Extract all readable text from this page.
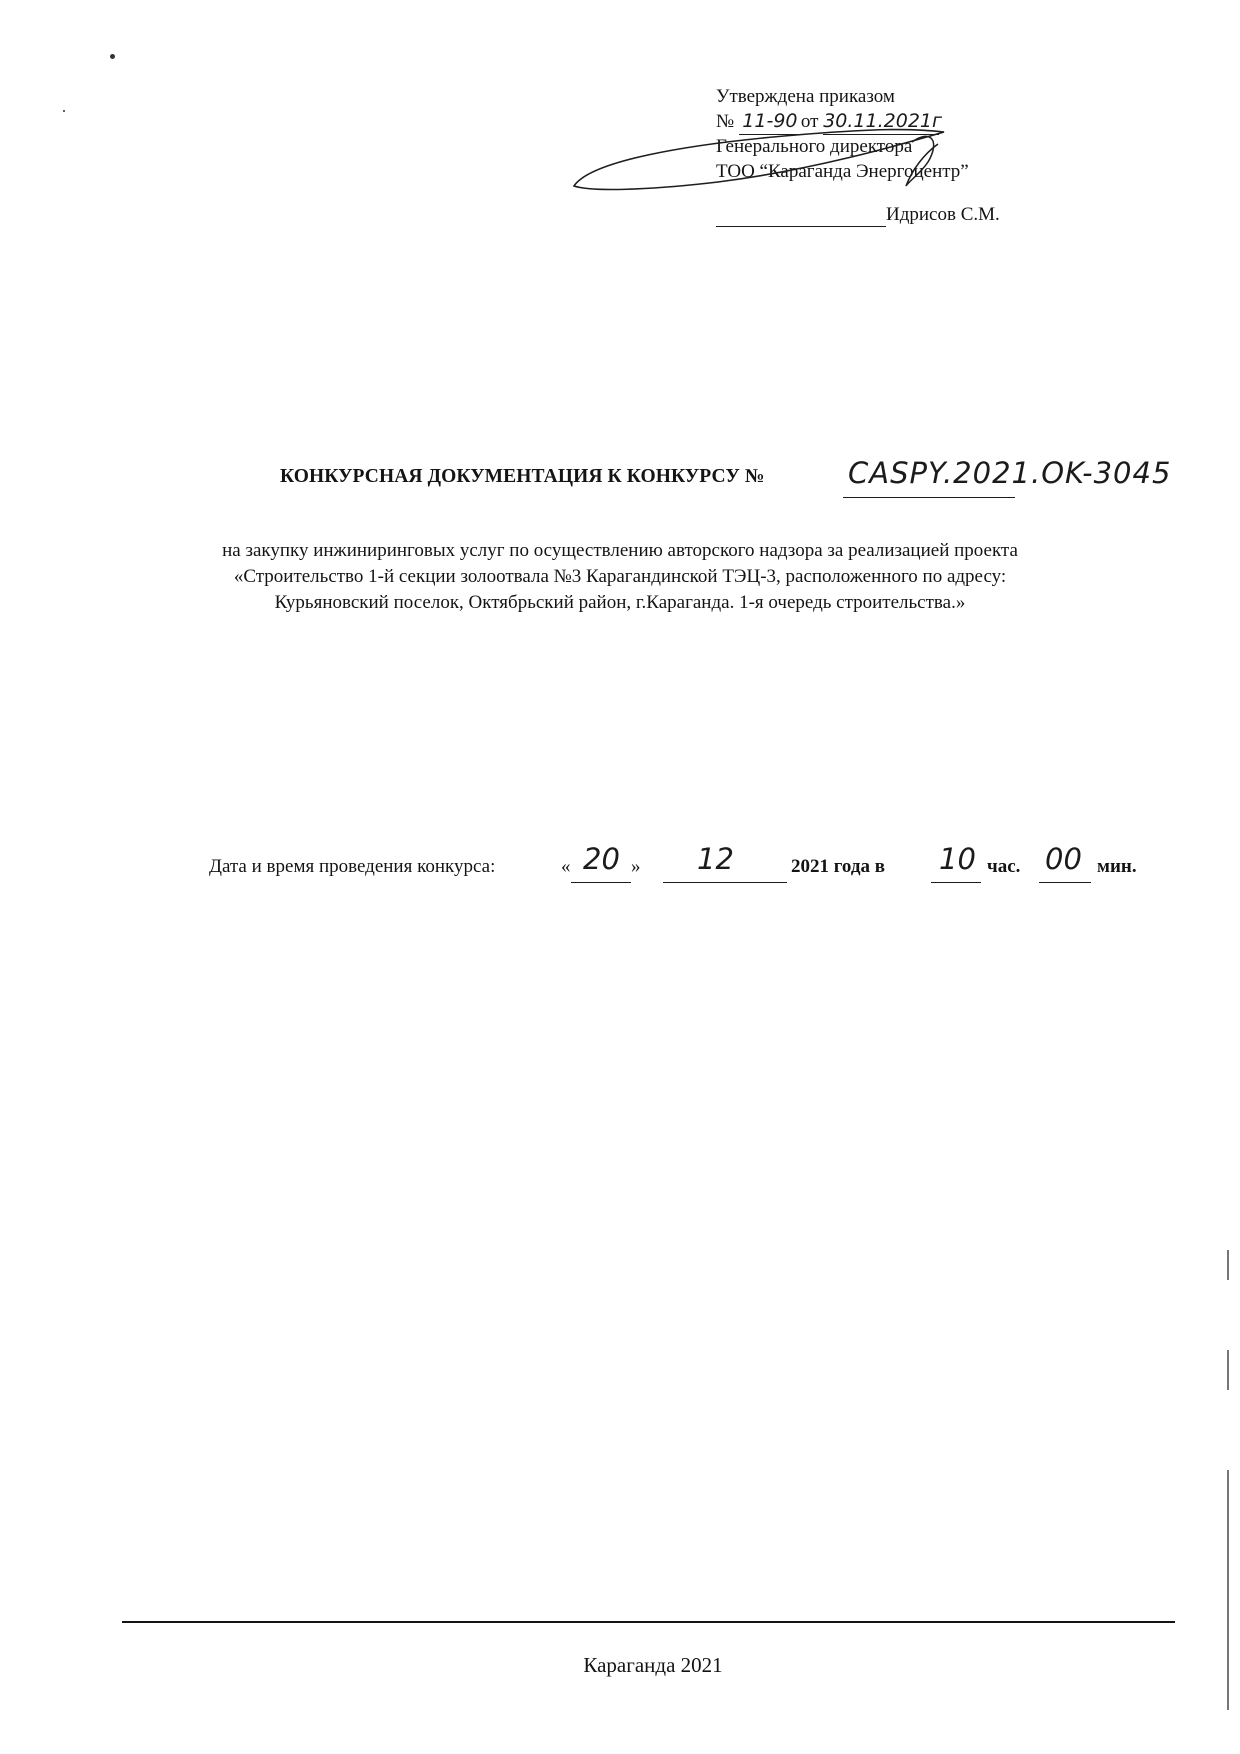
Утверждена приказом
№ 11-90 от 30.11.2021г
Генерального директора
ТОО “Караганда Энергоцентр”
Идрисов С.М.
КОНКУРСНАЯ ДОКУМЕНТАЦИЯ К КОНКУРСУ №	CASPY.2021.OK-3045
на закупку инжиниринговых услуг по осуществлению авторского надзора за реализацией проекта
«Строительство 1-й секции золоотвала №3 Карагандинской ТЭЦ-3, расположенного по адресу:
Курьяновский поселок, Октябрьский район, г.Караганда. 1-я очередь строительства.»
Дата и время проведения конкурса:	« 20 » 12	2021 года в 10 час. 00 мин.
Караганда 2021
